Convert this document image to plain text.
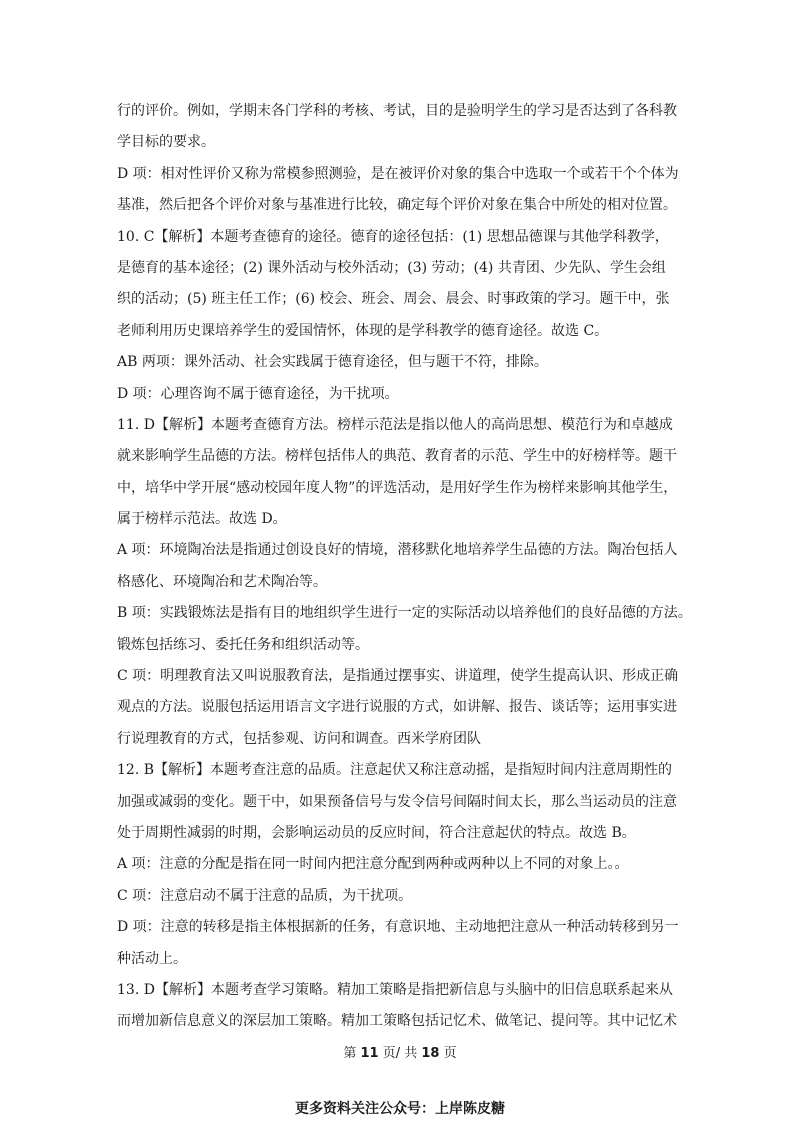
行的评价。例如，学期末各门学科的考核、考试，目的是验明学生的学习是否达到了各科教
学目标的要求。
D 项：相对性评价又称为常模参照测验，是在被评价对象的集合中选取一个或若干个个体为
基准，然后把各个评价对象与基准进行比较，确定每个评价对象在集合中所处的相对位置。
10. C【解析】本题考查德育的途径。德育的途径包括：(1) 思想品德课与其他学科教学，
是德育的基本途径；(2) 课外活动与校外活动；(3) 劳动；(4) 共青团、少先队、学生会组
织的活动；(5) 班主任工作；(6) 校会、班会、周会、晨会、时事政策的学习。题干中，张
老师利用历史课培养学生的爱国情怀，体现的是学科教学的德育途径。故选 C。
AB 两项：课外活动、社会实践属于德育途径，但与题干不符，排除。
D 项：心理咨询不属于德育途径，为干扰项。
11. D【解析】本题考查德育方法。榜样示范法是指以他人的高尚思想、模范行为和卓越成
就来影响学生品德的方法。榜样包括伟人的典范、教育者的示范、学生中的好榜样等。题干
中，培华中学开展“感动校园年度人物”的评选活动，是用好学生作为榜样来影响其他学生，
属于榜样示范法。故选 D。
A 项：环境陶冶法是指通过创设良好的情境，潜移默化地培养学生品德的方法。陶冶包括人
格感化、环境陶冶和艺术陶冶等。
B 项：实践锻炼法是指有目的地组织学生进行一定的实际活动以培养他们的良好品德的方法。
锻炼包括练习、委托任务和组织活动等。
C 项：明理教育法又叫说服教育法，是指通过摆事实、讲道理，使学生提高认识、形成正确
观点的方法。说服包括运用语言文字进行说服的方式，如讲解、报告、谈话等；运用事实进
行说理教育的方式，包括参观、访问和调查。西米学府团队
12. B【解析】本题考查注意的品质。注意起伏又称注意动摇，是指短时间内注意周期性的
加强或减弱的变化。题干中，如果预备信号与发令信号间隔时间太长，那么当运动员的注意
处于周期性减弱的时期，会影响运动员的反应时间，符合注意起伏的特点。故选 B。
A 项：注意的分配是指在同一时间内把注意分配到两种或两种以上不同的对象上。。
C 项：注意启动不属于注意的品质，为干扰项。
D 项：注意的转移是指主体根据新的任务，有意识地、主动地把注意从一种活动转移到另一
种活动上。
13. D【解析】本题考查学习策略。精加工策略是指把新信息与头脑中的旧信息联系起来从
而增加新信息意义的深层加工策略。精加工策略包括记忆术、做笔记、提问等。其中记忆术
第 11 页/ 共 18 页
更多资料关注公众号：上岸陈皮糖
